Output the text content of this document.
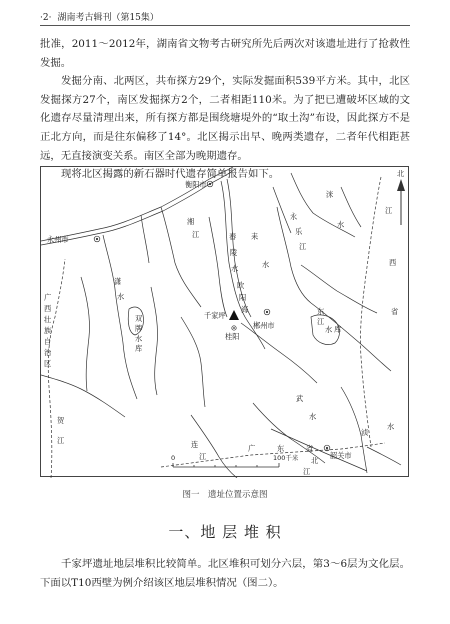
·2· 湖南考古辑刊（第15集）

批准，2011～2012年，湖南省文物考古研究所先后两次对该遗址进行了抢救性发掘。

发掘分南、北两区，共布探方29个，实际发掘面积539平方米。其中，北区发掘探方27个，南区发掘探方2个，二者相距110米。为了把已遭破坏区域的文化遗存尽量清理出来，所有探方都是围绕塘堤外的“取土沟”布设，因此探方不是正北方向，而是往东偏移了14°。北区揭示出早、晚两类遗存，二者年代相距甚远，无直接演变关系。南区全部为晚期遗存。

现将北区揭露的新石器时代遗存简单报告如下。	北
衡阳市
永州市
郴州市
桂阳
韶关市
千家坪
湘
江	舂
陵
水
耒
水
永
乐
江
洣
水
欧
阳
海
潇
水
双
牌
水
库
广
西
壮
族
自
治
区
江
西
省
东
江
水 库
贺
江	连
江
广	东	省
北
江
武
水
浈
水
0	100千米
图一　遗址位置示意图
一、地 层 堆 积

千家坪遗址地层堆积比较简单。北区堆积可划分六层，第3～6层为文化层。下面以T10西壁为例介绍该区地层堆积情况（图二）。
